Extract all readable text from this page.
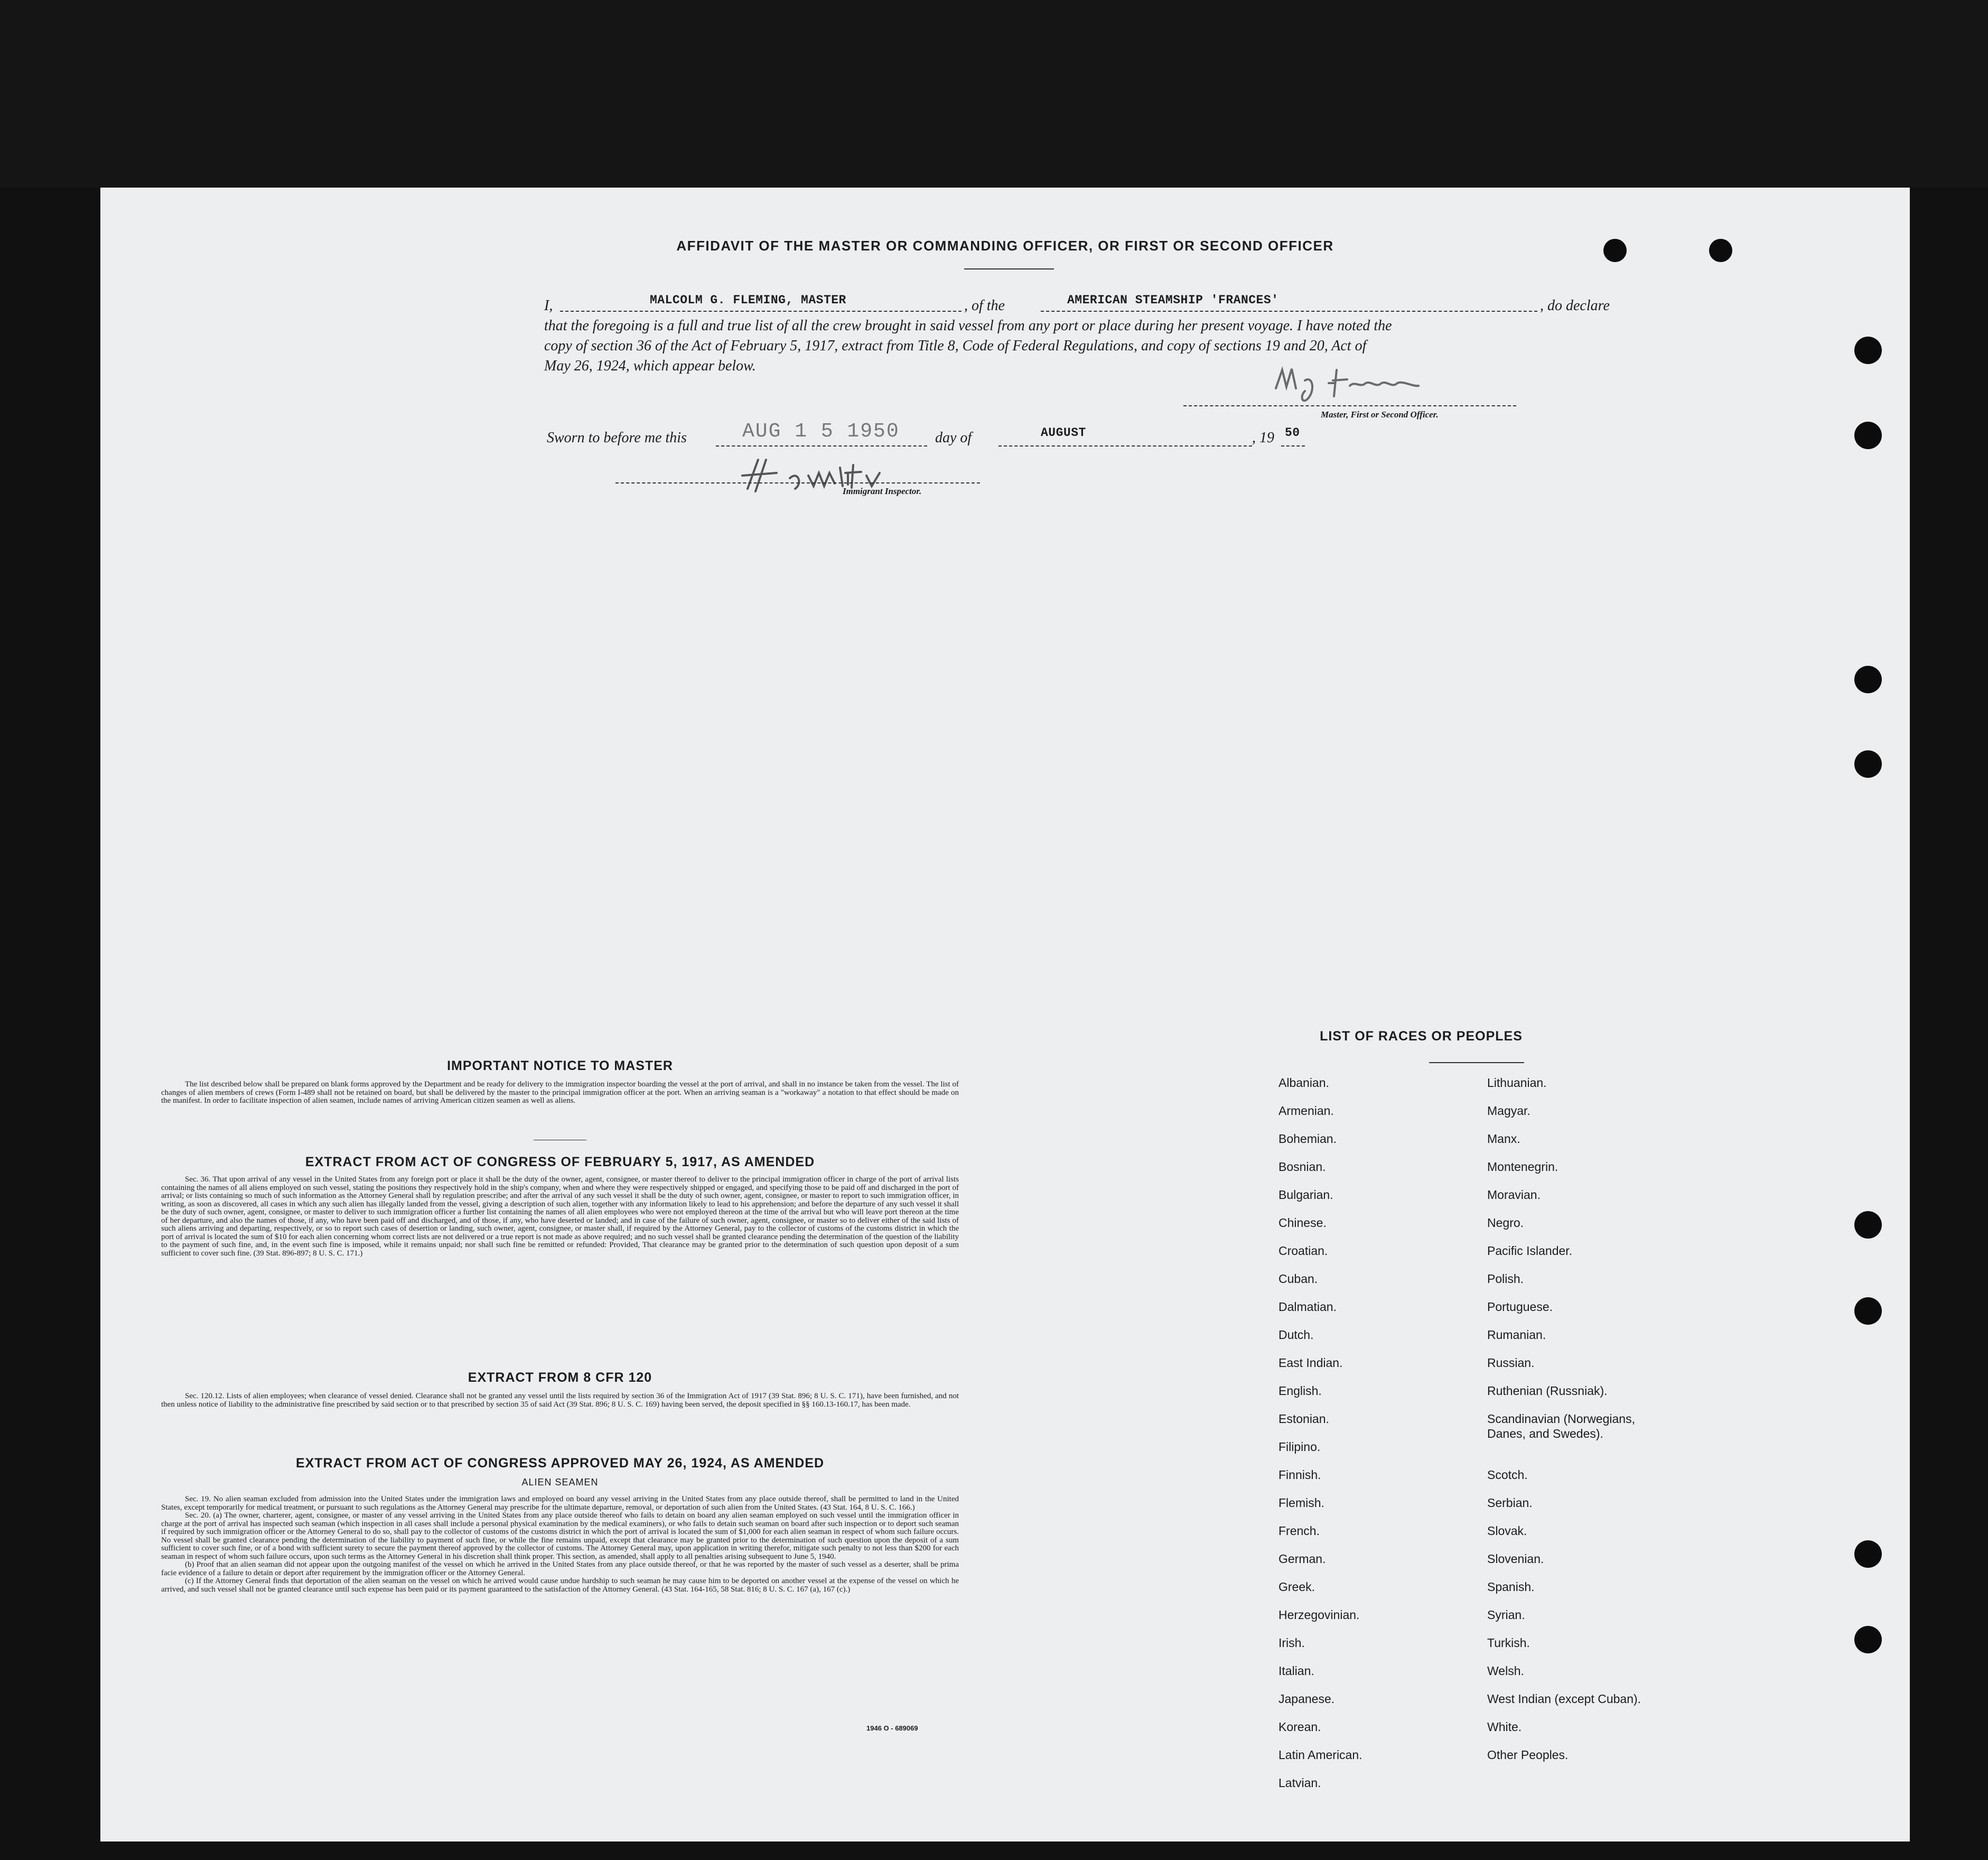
AFFIDAVIT OF THE MASTER OR COMMANDING OFFICER, OR FIRST OR SECOND OFFICER
I,	MALCOLM G. FLEMING, MASTER	, of the	AMERICAN STEAMSHIP 'FRANCES'	, do declare
that the foregoing is a full and true list of all the crew brought in said vessel from any port or place during her present voyage. I have noted the
copy of section 36 of the Act of February 5, 1917, extract from Title 8, Code of Federal Regulations, and copy of sections 19 and 20, Act of
May 26, 1924, which appear below.
Master, First or Second Officer.
Sworn to before me this	AUG 1 5 1950 day of	AUGUST	, 19 50
Immigrant Inspector.
IMPORTANT NOTICE TO MASTER

The list described below shall be prepared on blank forms approved by the Department and be ready for delivery to the immigration inspector boarding the vessel at the port of arrival, and shall in no instance be taken from the vessel. The list of changes of alien members of crews (Form I-489 shall not be retained on board, but shall be delivered by the master to the principal immigration officer at the port. When an arriving seaman is a "workaway" a notation to that effect should be made on the manifest. In order to facilitate inspection of alien seamen, include names of arriving American citizen seamen as well as aliens.

EXTRACT FROM ACT OF CONGRESS OF FEBRUARY 5, 1917, AS AMENDED

Sec. 36. That upon arrival of any vessel in the United States from any foreign port or place it shall be the duty of the owner, agent, consignee, or master thereof to deliver to the principal immigration officer in charge of the port of arrival lists containing the names of all aliens employed on such vessel, stating the positions they respectively hold in the ship's company, when and where they were respectively shipped or engaged, and specifying those to be paid off and discharged in the port of arrival; or lists containing so much of such information as the Attorney General shall by regulation prescribe; and after the arrival of any such vessel it shall be the duty of such owner, agent, consignee, or master to report to such immigration officer, in writing, as soon as discovered, all cases in which any such alien has illegally landed from the vessel, giving a description of such alien, together with any information likely to lead to his apprehension; and before the departure of any such vessel it shall be the duty of such owner, agent, consignee, or master to deliver to such immigration officer a further list containing the names of all alien employees who were not employed thereon at the time of the arrival but who will leave port thereon at the time of her departure, and also the names of those, if any, who have been paid off and discharged, and of those, if any, who have deserted or landed; and in case of the failure of such owner, agent, consignee, or master so to deliver either of the said lists of such aliens arriving and departing, respectively, or so to report such cases of desertion or landing, such owner, agent, consignee, or master shall, if required by the Attorney General, pay to the collector of customs of the customs district in which the port of arrival is located the sum of $10 for each alien concerning whom correct lists are not delivered or a true report is not made as above required; and no such vessel shall be granted clearance pending the determination of the question of the liability to the payment of such fine, and, in the event such fine is imposed, while it remains unpaid; nor shall such fine be remitted or refunded: Provided, That clearance may be granted prior to the determination of such question upon deposit of a sum sufficient to cover such fine. (39 Stat. 896-897; 8 U. S. C. 171.)

EXTRACT FROM 8 CFR 120

Sec. 120.12. Lists of alien employees; when clearance of vessel denied. Clearance shall not be granted any vessel until the lists required by section 36 of the Immigration Act of 1917 (39 Stat. 896; 8 U. S. C. 171), have been furnished, and not then unless notice of liability to the administrative fine prescribed by said section or to that prescribed by section 35 of said Act (39 Stat. 896; 8 U. S. C. 169) having been served, the deposit specified in §§ 160.13-160.17, has been made.

EXTRACT FROM ACT OF CONGRESS APPROVED MAY 26, 1924, AS AMENDED
ALIEN SEAMEN

Sec. 19. No alien seaman excluded from admission into the United States under the immigration laws and employed on board any vessel arriving in the United States from any place outside thereof, shall be permitted to land in the United States, except temporarily for medical treatment, or pursuant to such regulations as the Attorney General may prescribe for the ultimate departure, removal, or deportation of such alien from the United States. (43 Stat. 164, 8 U. S. C. 166.)

Sec. 20. (a) The owner, charterer, agent, consignee, or master of any vessel arriving in the United States from any place outside thereof who fails to detain on board any alien seaman employed on such vessel until the immigration officer in charge at the port of arrival has inspected such seaman (which inspection in all cases shall include a personal physical examination by the medical examiners), or who fails to detain such seaman on board after such inspection or to deport such seaman if required by such immigration officer or the Attorney General to do so, shall pay to the collector of customs of the customs district in which the port of arrival is located the sum of $1,000 for each alien seaman in respect of whom such failure occurs. No vessel shall be granted clearance pending the determination of the liability to payment of such fine, or while the fine remains unpaid, except that clearance may be granted prior to the determination of such question upon the deposit of a sum sufficient to cover such fine, or of a bond with sufficient surety to secure the payment thereof approved by the collector of customs. The Attorney General may, upon application in writing therefor, mitigate such penalty to not less than $200 for each seaman in respect of whom such failure occurs, upon such terms as the Attorney General in his discretion shall think proper. This section, as amended, shall apply to all penalties arising subsequent to June 5, 1940.

(b) Proof that an alien seaman did not appear upon the outgoing manifest of the vessel on which he arrived in the United States from any place outside thereof, or that he was reported by the master of such vessel as a deserter, shall be prima facie evidence of a failure to detain or deport after requirement by the immigration officer or the Attorney General.

(c) If the Attorney General finds that deportation of the alien seaman on the vessel on which he arrived would cause undue hardship to such seaman he may cause him to be deported on another vessel at the expense of the vessel on which he arrived, and such vessel shall not be granted clearance until such expense has been paid or its payment guaranteed to the satisfaction of the Attorney General. (43 Stat. 164-165, 58 Stat. 816; 8 U. S. C. 167 (a), 167 (c).)

1946 O - 689069
LIST OF RACES OR PEOPLES
Albanian.
Armenian.
Bohemian.
Bosnian.
Bulgarian.
Chinese.
Croatian.
Cuban.
Dalmatian.
Dutch.
East Indian.
English.
Estonian.
Filipino.
Finnish.
Flemish.
French.
German.
Greek.
Herzegovinian.
Irish.
Italian.
Japanese.
Korean.
Latin American.
Latvian.
Lithuanian.
Magyar.
Manx.
Montenegrin.
Moravian.
Negro.
Pacific Islander.
Polish.
Portuguese.
Rumanian.
Russian.
Ruthenian (Russniak).
Scandinavian (Norwegians,
Danes, and Swedes).
Scotch.
Serbian.
Slovak.
Slovenian.
Spanish.
Syrian.
Turkish.
Welsh.
West Indian (except Cuban).
White.
Other Peoples.
